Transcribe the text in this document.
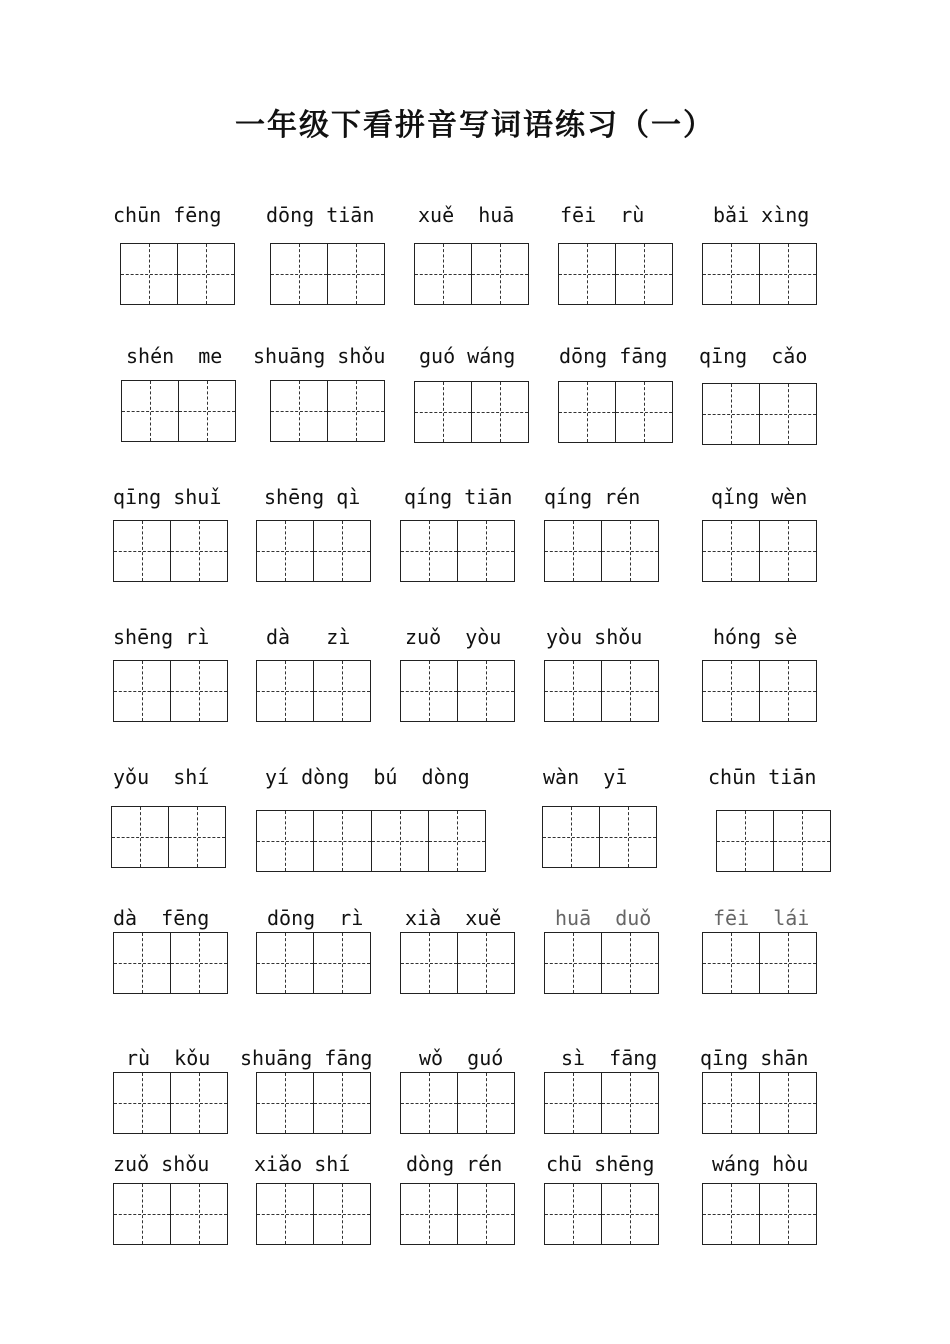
一年级下看拼音写词语练习（一）
chūn fēng dōng tiān xuě  huā fēi  rù	bǎi xìng
shén  me shuāng shǒu guó wáng dōng fāng qīng  cǎo
qīng shuǐ shēng qì qíng tiān qíng rén	qǐng wèn
shēng rì	dà   zì	zuǒ  yòu yòu shǒu	hóng sè
yǒu  shí	yí dòng  bú  dòng	wàn  yī	chūn tiān
dà  fēng	dōng  rì xià  xuě	huā  duǒ	fēi  lái
rù  kǒu shuāng fāng wǒ  guó	sì  fāng qīng shān
zuǒ shǒu xiǎo shí	dòng rén chū shēng	wáng hòu
